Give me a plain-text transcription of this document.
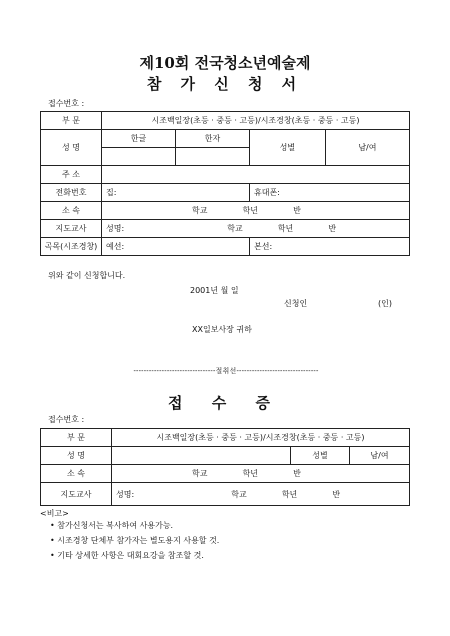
제10회 전국청소년예술제
참 가 신 청 서
접수번호 :
부 문	시조백일장(초등 · 중등 · 고등)/시조경창(초등 · 중등 · 고등)			
성 명	한글	한자	성별	남/여

주 소				
전화번호	집:		휴대폰:	
소 속	학교 학년 반			
지도교사	성명: 학교 학년 반			
곡목(시조경창)	예선:		본선:	
위와 같이 신청합니다.
2001년 월 일
신청인	(인)
XX일보사장 귀하
--------------------------------절취선--------------------------------
접 수 증
접수번호 :
부 문	시조백일장(초등 · 중등 · 고등)/시조경창(초등 · 중등 · 고등)		
성 명		성별	남/여
소 속	학교 학년 반		
지도교사	성명: 학교 학년 반		
<비고>
• 참가신청서는 복사하여 사용가능.
• 시조경창 단체부 참가자는 별도용지 사용할 것.
• 기타 상세한 사항은 대회요강을 참조할 것.
